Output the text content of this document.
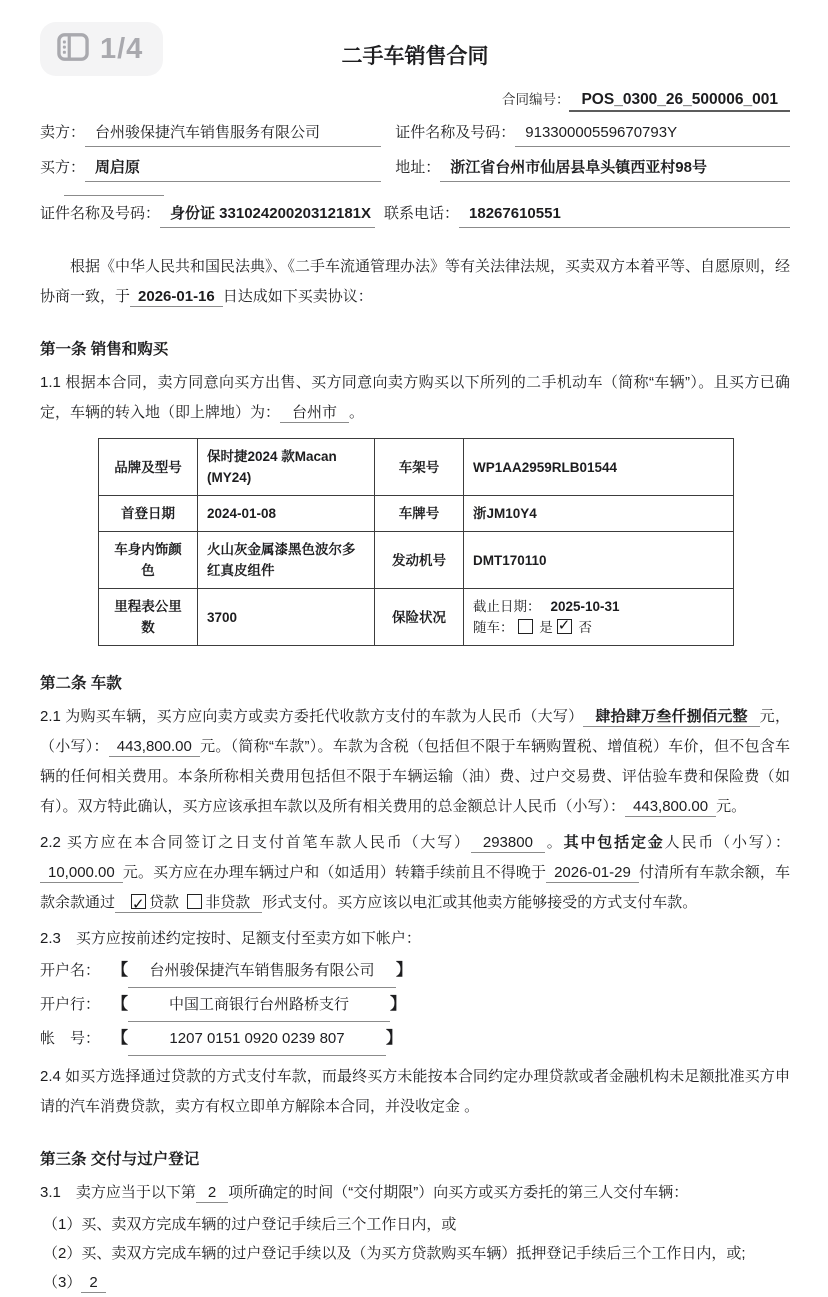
1/4	二手车销售合同
合同编号： POS_0300_26_500006_001
卖方： 台州骏保捷汽车销售服务有限公司	证件名称及号码： 91330000559670793Y
买方： 周启原	地址： 浙江省台州市仙居县阜头镇西亚村98号
证件名称及号码： 身份证 33102420020312181X 联系电话： 18267610551
根据《中华人民共和国民法典》、《二手车流通管理办法》等有关法律法规，买卖双方本着平等、自愿原则，经协商一致，于 2026-01-16 日达成如下买卖协议：
第一条 销售和购买
1.1 根据本合同，卖方同意向买方出售、买方同意向卖方购买以下所列的二手机动车（简称“车辆”）。且买方已确定，车辆的转入地（即上牌地）为： 台州市 。
品牌及型号	保时捷2024 款Macan (MY24)	车架号	WP1AA2959RLB01544
首登日期	2024-01-08	车牌号	浙JM10Y4
车身内饰颜色	火山灰金属漆黑色波尔多红真皮组件	发动机号	DMT170110
里程表公里数	3700	保险状况	截止日期： 2025-10-31
随车： 是 ✓ 否
第二条 车款
2.1 为购买车辆，买方应向卖方或卖方委托代收款方支付的车款为人民币（大写） 肆拾肆万叁仟捌佰元整 元，（小写）： 443,800.00 元。（简称“车款”）。车款为含税（包括但不限于车辆购置税、增值税）车价，但不包含车辆的任何相关费用。本条所称相关费用包括但不限于车辆运输（油）费、过户交易费、评估验车费和保险费（如有）。双方特此确认，买方应该承担车款以及所有相关费用的总金额总计人民币（小写）： 443,800.00 元。
2.2 买方应在本合同签订之日支付首笔车款人民币（大写） 293800 。其中包括定金人民币（小写）：10,000.00 元。买方应在办理车辆过户和（如适用）转籍手续前且不得晚于 2026-01-29 付清所有车款余额，车款余款通过 ✓ 贷款 非贷款 形式支付。买方应该以电汇或其他卖方能够接受的方式支付车款。
2.3　买方应按前述约定按时、足额支付至卖方如下帐户：
开户名： 【	台州骏保捷汽车销售服务有限公司	】
开户行： 【	中国工商银行台州路桥支行	】
帐　号： 【	1207 0151 0920 0239 807	】
2.4 如买方选择通过贷款的方式支付车款，而最终买方未能按本合同约定办理贷款或者金融机构未足额批准买方申请的汽车消费贷款，卖方有权立即单方解除本合同，并没收定金 。
第三条 交付与过户登记
3.1　卖方应当于以下第 2 项所确定的时间（“交付期限”）向买方或买方委托的第三人交付车辆：
（1）买、卖双方完成车辆的过户登记手续后三个工作日内，或
（2）买、卖双方完成车辆的过户登记手续以及（为买方贷款购买车辆）抵押登记手续后三个工作日内，或;
（3） 2
